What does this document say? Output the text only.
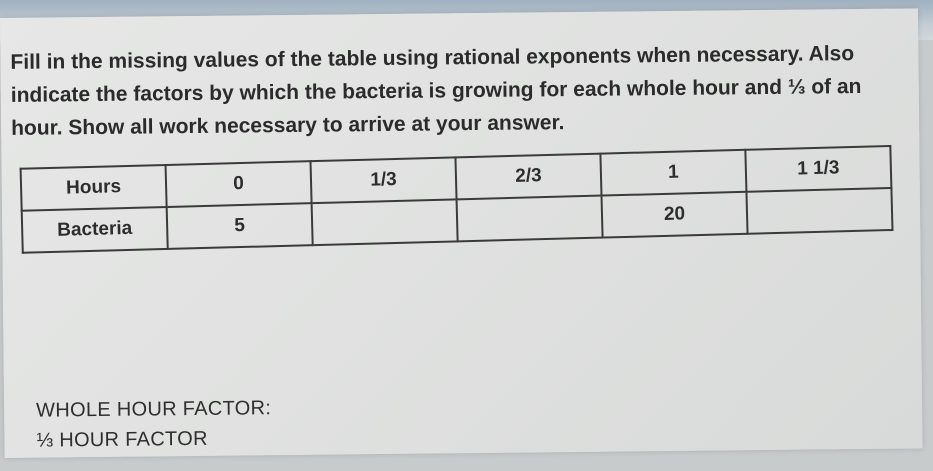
Fill in the missing values of the table using rational exponents when necessary. Also indicate the factors by which the bacteria is growing for each whole hour and ⅓ of an hour. Show all work necessary to arrive at your answer.

Hours	0	1/3	2/3	1	1 1/3
Bacteria	5			20	

WHOLE HOUR FACTOR:

⅓ HOUR FACTOR
